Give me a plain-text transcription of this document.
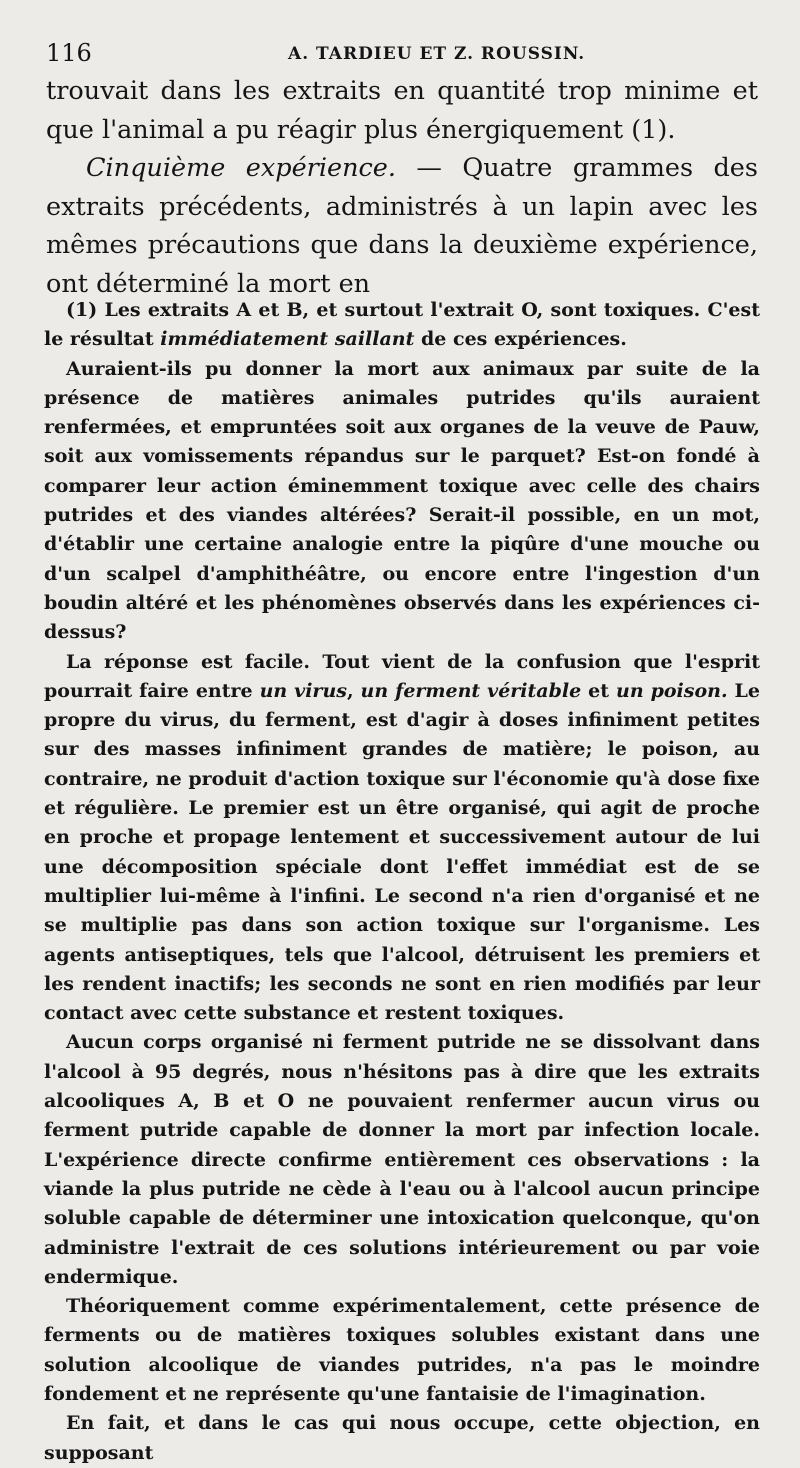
116	A. TARDIEU ET Z. ROUSSIN.

trouvait dans les extraits en quantité trop minime et que l'animal a pu réagir plus énergiquement (1).

Cinquième expérience. — Quatre grammes des extraits précédents, administrés à un lapin avec les mêmes précautions que dans la deuxième expérience, ont déterminé la mort en

(1) Les extraits A et B, et surtout l'extrait O, sont toxiques. C'est le résultat immédiatement saillant de ces expériences.

Auraient-ils pu donner la mort aux animaux par suite de la présence de matières animales putrides qu'ils auraient renfermées, et empruntées soit aux organes de la veuve de Pauw, soit aux vomissements répandus sur le parquet? Est-on fondé à comparer leur action éminemment toxique avec celle des chairs putrides et des viandes altérées? Serait-il possible, en un mot, d'établir une certaine analogie entre la piqûre d'une mouche ou d'un scalpel d'amphithéâtre, ou encore entre l'ingestion d'un boudin altéré et les phénomènes observés dans les expériences ci-dessus?

La réponse est facile. Tout vient de la confusion que l'esprit pourrait faire entre un virus, un ferment véritable et un poison. Le propre du virus, du ferment, est d'agir à doses infiniment petites sur des masses infiniment grandes de matière; le poison, au contraire, ne produit d'action toxique sur l'économie qu'à dose fixe et régulière. Le premier est un être organisé, qui agit de proche en proche et propage lentement et successivement autour de lui une décomposition spéciale dont l'effet immédiat est de se multiplier lui-même à l'infini. Le second n'a rien d'organisé et ne se multiplie pas dans son action toxique sur l'organisme. Les agents antiseptiques, tels que l'alcool, détruisent les premiers et les rendent inactifs; les seconds ne sont en rien modifiés par leur contact avec cette substance et restent toxiques.

Aucun corps organisé ni ferment putride ne se dissolvant dans l'alcool à 95 degrés, nous n'hésitons pas à dire que les extraits alcooliques A, B et O ne pouvaient renfermer aucun virus ou ferment putride capable de donner la mort par infection locale. L'expérience directe confirme entièrement ces observations : la viande la plus putride ne cède à l'eau ou à l'alcool aucun principe soluble capable de déterminer une intoxication quelconque, qu'on administre l'extrait de ces solutions intérieurement ou par voie endermique.

Théoriquement comme expérimentalement, cette présence de ferments ou de matières toxiques solubles existant dans une solution alcoolique de viandes putrides, n'a pas le moindre fondement et ne représente qu'une fantaisie de l'imagination.

En fait, et dans le cas qui nous occupe, cette objection, en supposant
